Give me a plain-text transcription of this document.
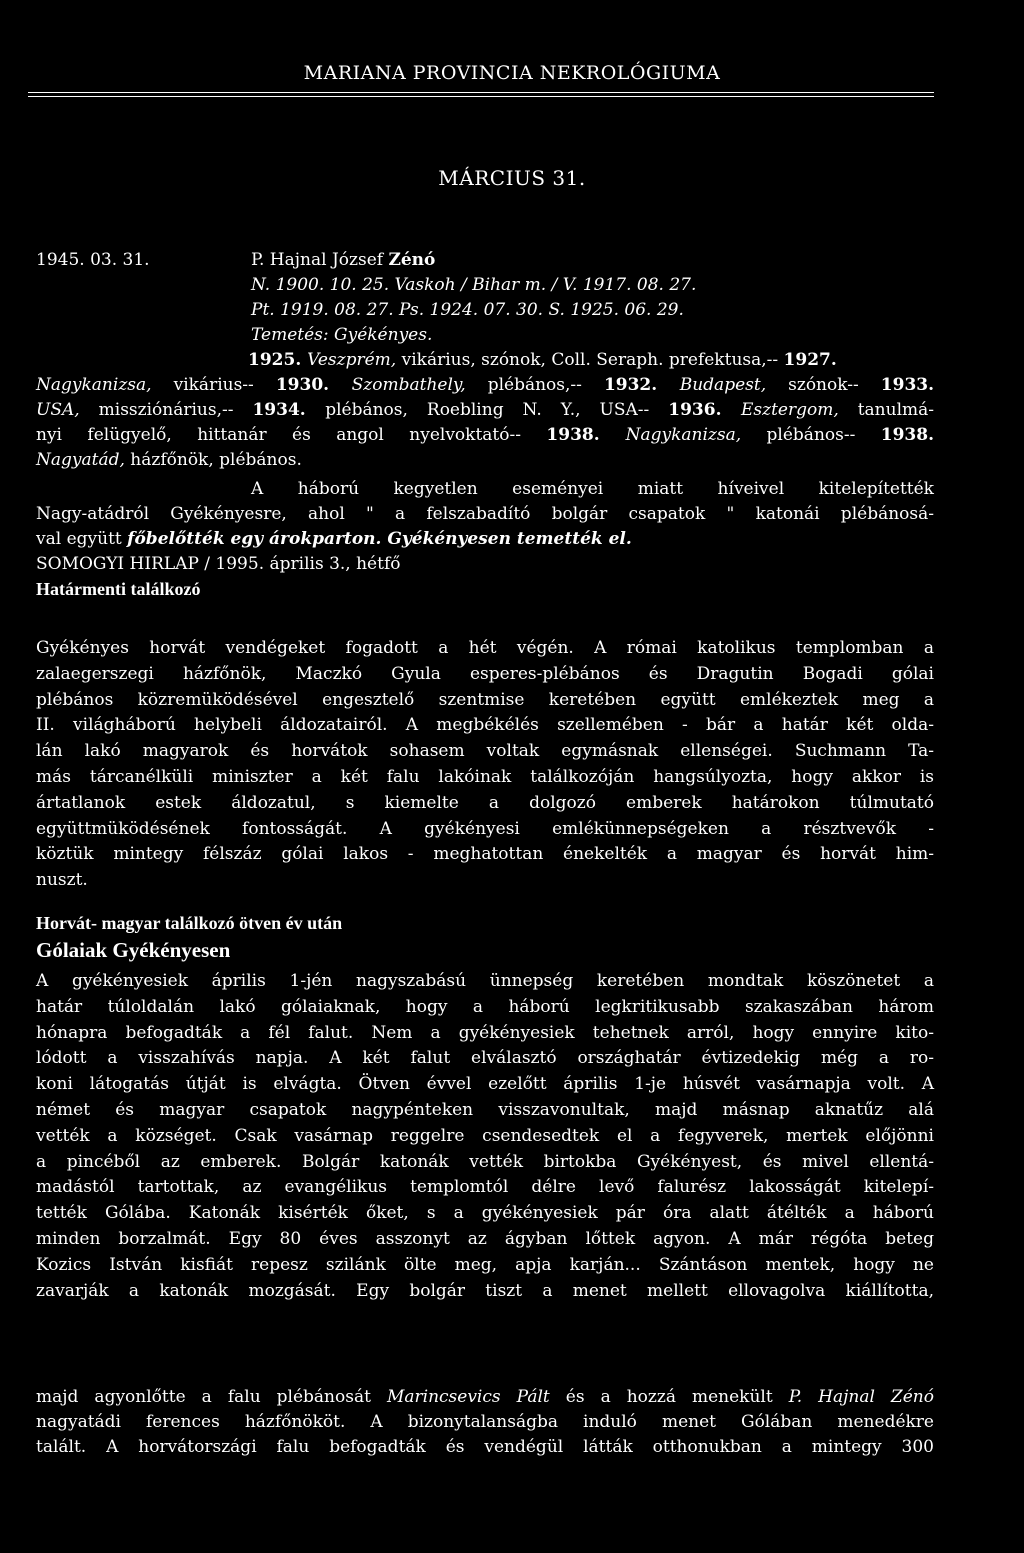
MARIANA PROVINCIA NEKROLÓGIUMA
MÁRCIUS 31.
1945. 03. 31.	P. Hajnal József Zénó
N. 1900. 10. 25. Vaskoh / Bihar m. / V. 1917. 08. 27.
Pt. 1919. 08. 27. Ps. 1924. 07. 30. S. 1925. 06. 29.
Temetés: Gyékényes.
1925. Veszprém, vikárius, szónok, Coll. Seraph. prefektusa,-- 1927.
Nagykanizsa, vikárius-- 1930. Szombathely, plébános,-- 1932. Budapest, szónok-- 1933.
USA, missziónárius,-- 1934. plébános, Roebling N. Y., USA-- 1936. Esztergom, tanulmá-
nyi felügyelő, hittanár és angol nyelvoktató-- 1938. Nagykanizsa, plébános-- 1938.
Nagyatád, házfőnök, plébános.
A háború kegyetlen eseményei miatt híveivel kitelepítették
Nagy-atádról Gyékényesre, ahol " a felszabadító bolgár csapatok " katonái plébánosá-
val együtt főbelőtték egy árokparton. Gyékényesen temették el.
SOMOGYI HIRLAP / 1995. április 3., hétfő
Határmenti találkozó
Gyékényes horvát vendégeket fogadott a hét végén. A római katolikus templomban a
zalaegerszegi házfőnök, Maczkó Gyula esperes-plébános és Dragutin Bogadi gólai
plébános közremüködésével engesztelő szentmise keretében együtt emlékeztek meg a
II. világháború helybeli áldozatairól. A megbékélés szellemében - bár a határ két olda-
lán lakó magyarok és horvátok sohasem voltak egymásnak ellenségei. Suchmann Ta-
más tárcanélküli miniszter a két falu lakóinak találkozóján hangsúlyozta, hogy akkor is
ártatlanok estek áldozatul, s kiemelte a dolgozó emberek határokon túlmutató
együttmüködésének fontosságát. A gyékényesi emlékünnepségeken a résztvevők -
köztük mintegy félszáz gólai lakos - meghatottan énekelték a magyar és horvát him-
nuszt.
Horvát- magyar találkozó ötven év után
Gólaiak Gyékényesen
A gyékényesiek április 1-jén nagyszabású ünnepség keretében mondtak köszönetet a
határ túloldalán lakó gólaiaknak, hogy a háború legkritikusabb szakaszában három
hónapra befogadták a fél falut. Nem a gyékényesiek tehetnek arról, hogy ennyire kito-
lódott a visszahívás napja. A két falut elválasztó országhatár évtizedekig még a ro-
koni látogatás útját is elvágta. Ötven évvel ezelőtt április 1-je húsvét vasárnapja volt. A
német és magyar csapatok nagypénteken visszavonultak, majd másnap aknatűz alá
vették a községet. Csak vasárnap reggelre csendesedtek el a fegyverek, mertek előjönni
a pincéből az emberek. Bolgár katonák vették birtokba Gyékényest, és mivel ellentá-
madástól tartottak, az evangélikus templomtól délre levő falurész lakosságát kitelepí-
tették Gólába. Katonák kisérték őket, s a gyékényesiek pár óra alatt átélték a háború
minden borzalmát. Egy 80 éves asszonyt az ágyban lőttek agyon. A már régóta beteg
Kozics István kisfiát repesz szilánk ölte meg, apja karján... Szántáson mentek, hogy ne
zavarják a katonák mozgását. Egy bolgár tiszt a menet mellett ellovagolva kiállította,
majd agyonlőtte a falu plébánosát Marincsevics Pált és a hozzá menekült P. Hajnal Zénó
nagyatádi ferences házfőnököt. A bizonytalanságba induló menet Gólában menedékre
talált. A horvátországi falu befogadták és vendégül látták otthonukban a mintegy 300
